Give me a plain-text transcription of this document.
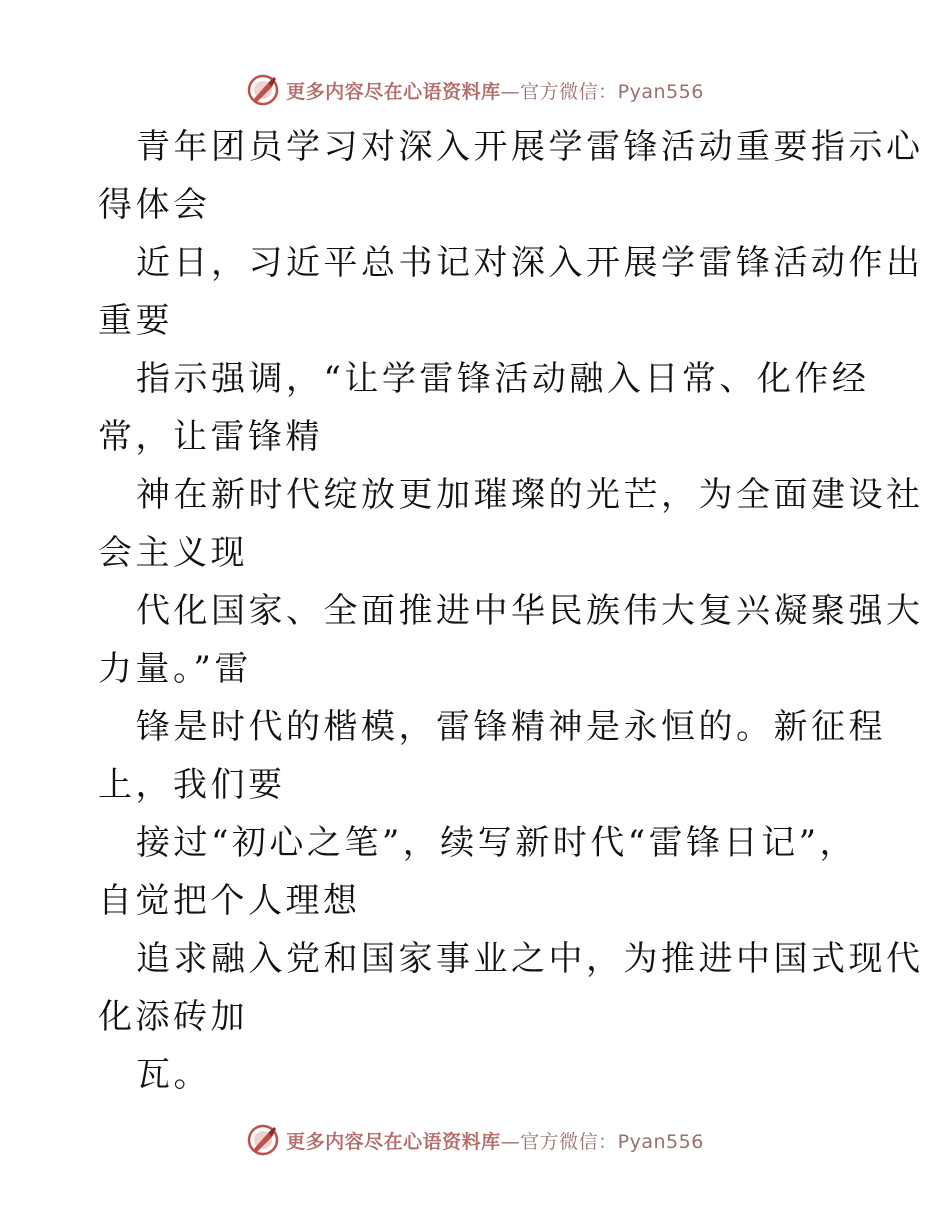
更多内容尽在心语资料库—官方微信：Pyan556
青年团员学习对深入开展学雷锋活动重要指示心
得体会
近日，习近平总书记对深入开展学雷锋活动作出
重要
指示强调，“让学雷锋活动融入日常、化作经
常，让雷锋精
神在新时代绽放更加璀璨的光芒，为全面建设社
会主义现
代化国家、全面推进中华民族伟大复兴凝聚强大
力量。”雷
锋是时代的楷模，雷锋精神是永恒的。新征程
上，我们要
接过“初心之笔”，续写新时代“雷锋日记”，
自觉把个人理想
追求融入党和国家事业之中，为推进中国式现代
化添砖加
瓦。
更多内容尽在心语资料库—官方微信：Pyan556
